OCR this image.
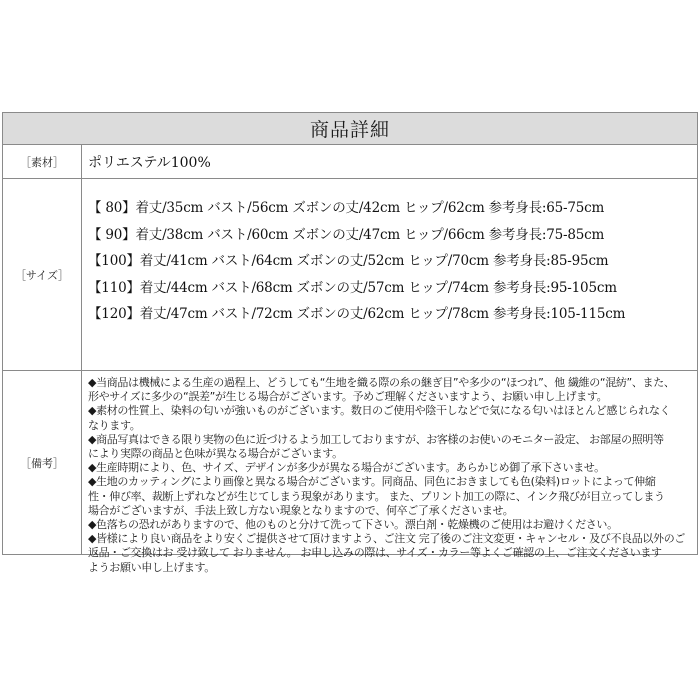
商品詳細
［素材］	ポリエステル100%
［サイズ］
【 80】着丈/35cm バスト/56cm ズボンの丈/42cm ヒップ/62cm 参考身長:65-75cm
【 90】着丈/38cm バスト/60cm ズボンの丈/47cm ヒップ/66cm 参考身長:75-85cm
【100】着丈/41cm バスト/64cm ズボンの丈/52cm ヒップ/70cm 参考身長:85-95cm
【110】着丈/44cm バスト/68cm ズボンの丈/57cm ヒップ/74cm 参考身長:95-105cm
【120】着丈/47cm バスト/72cm ズボンの丈/62cm ヒップ/78cm 参考身長:105-115cm
［備考］
◆当商品は機械による生産の過程上、どうしても“生地を織る際の糸の継ぎ目”や多少の“ほつれ”、他 繊維の“混紡”、また、
形やサイズに多少の“誤差”が生じる場合がございます。予めご理解くださいますよう、お願い申し上げます。
◆素材の性質上、染料の匂いが強いものがございます。数日のご使用や陰干しなどで気になる匂いはほとんど感じられなく
なります。
◆商品写真はできる限り実物の色に近づけるよう加工しておりますが、お客様のお使いのモニター設定、 お部屋の照明等
により実際の商品と色味が異なる場合がございます。
◆生産時期により、色、サイズ、デザインが多少が異なる場合がございます。あらかじめ御了承下さいませ。
◆生地のカッティングにより画像と異なる場合がございます。同商品、同色におきましても色(染料)ロットによって伸縮
性・伸び率、裁断上ずれなどが生じてしまう現象があります。 また、プリント加工の際に、インク飛びが目立ってしまう
場合がございますが、手法上致し方ない現象となりますので、何卒ご了承くださいませ。
◆色落ちの恐れがありますので、他のものと分けて洗って下さい。漂白剤・乾燥機のご使用はお避けください。
◆皆様により良い商品をより安くご提供させて頂けますよう、ご注文 完了後のご注文変更・キャンセル・及び不良品以外のご
返品・ご交換はお 受け致して おりません。 お申し込みの際は、サイズ・カラー等よくご確認の上、ご注文くださいます
ようお願い申し上げます。
